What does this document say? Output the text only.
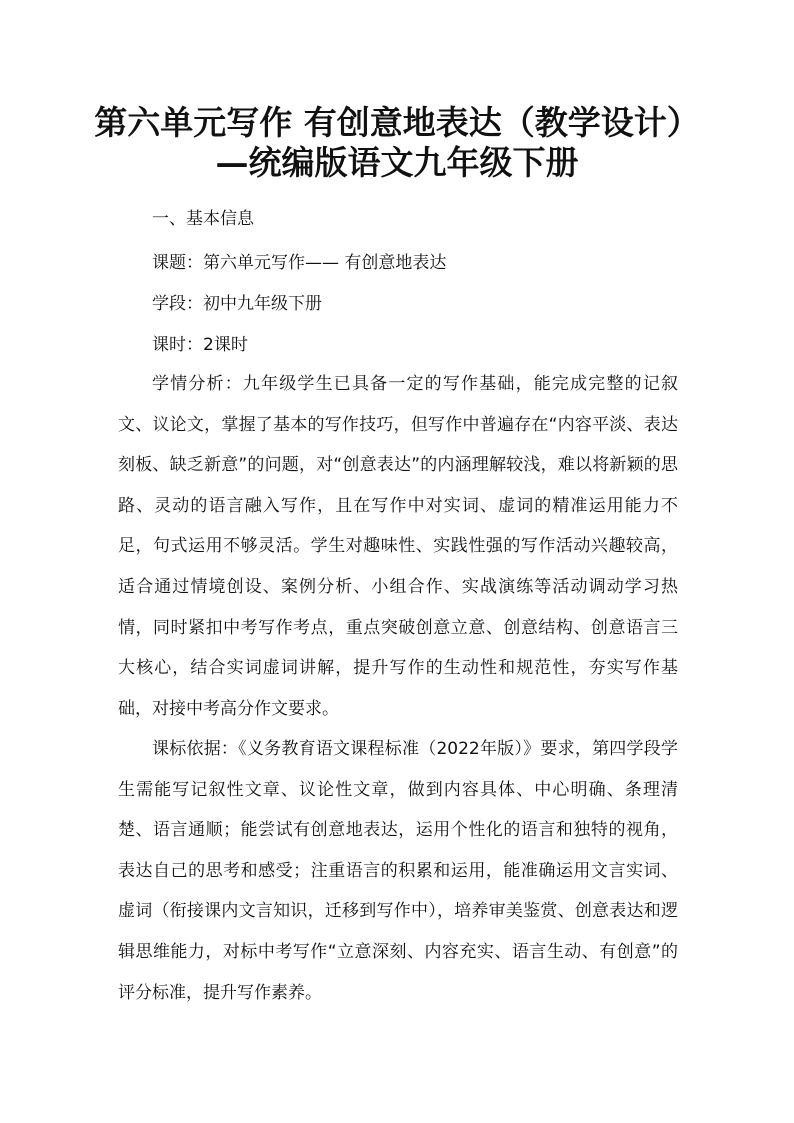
第六单元写作 有创意地表达（教学设计）
—统编版语文九年级下册
一、基本信息
课题：第六单元写作—— 有创意地表达
学段：初中九年级下册
课时：2课时

学情分析：九年级学生已具备一定的写作基础，能完成完整的记叙文、议论文，掌握了基本的写作技巧，但写作中普遍存在“内容平淡、表达刻板、缺乏新意”的问题，对“创意表达”的内涵理解较浅，难以将新颖的思路、灵动的语言融入写作，且在写作中对实词、虚词的精准运用能力不足，句式运用不够灵活。学生对趣味性、实践性强的写作活动兴趣较高，适合通过情境创设、案例分析、小组合作、实战演练等活动调动学习热情，同时紧扣中考写作考点，重点突破创意立意、创意结构、创意语言三大核心，结合实词虚词讲解，提升写作的生动性和规范性，夯实写作基础，对接中考高分作文要求。

课标依据：《义务教育语文课程标准（2022年版）》要求，第四学段学生需能写记叙性文章、议论性文章，做到内容具体、中心明确、条理清楚、语言通顺；能尝试有创意地表达，运用个性化的语言和独特的视角，表达自己的思考和感受；注重语言的积累和运用，能准确运用文言实词、虚词（衔接课内文言知识，迁移到写作中），培养审美鉴赏、创意表达和逻辑思维能力，对标中考写作“立意深刻、内容充实、语言生动、有创意”的评分标准，提升写作素养。
